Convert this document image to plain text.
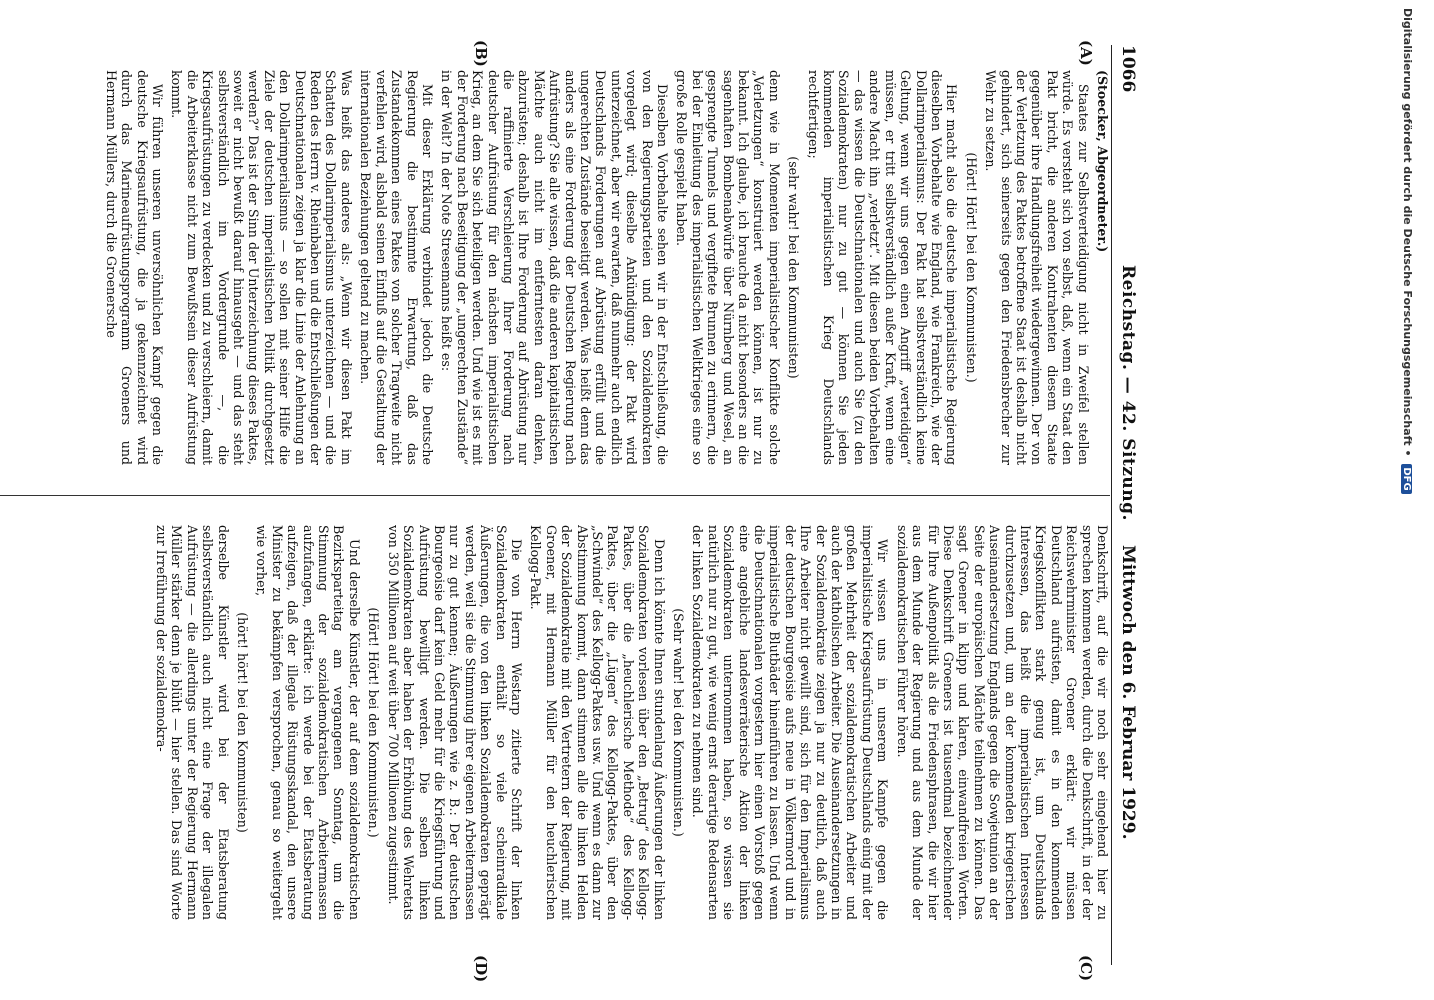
1066
Reichstag. — 42. Sitzung.
Mittwoch den 6. Februar 1929.
(A)
(B)
(C)
(D)

(Stoecker, Abgeordneter.)

Staates zur Selbstverteidigung nicht in Zweifel stellen würde. Es versteht sich von selbst, daß, wenn ein Staat den Pakt bricht, die anderen Kontrahenten diesem Staate gegenüber ihre Handlungsfreiheit wiedergewinnen. Der von der Verletzung des Paktes betroffene Staat ist deshalb nicht gehindert, sich seinerseits gegen den Friedensbrecher zur Wehr zu setzen.

(Hört! Hört! bei den Kommunisten.)

Hier macht also die deutsche imperialistische Regierung dieselben Vorbehalte wie England, wie Frankreich, wie der Dollarimperialismus: Der Pakt hat selbstverständlich keine Geltung, wenn wir uns gegen einen Angriff „verteidigen“ müssen, er tritt selbstverständlich außer Kraft, wenn eine andere Macht ihn „verletzt“. Mit diesen beiden Vorbehalten — das wissen die Deutschnationalen und auch Sie (zu den Sozialdemokraten) nur zu gut — können Sie jeden kommenden imperialistischen Krieg Deutschlands rechtfertigen;

(sehr wahr! bei den Kommunisten)

denn wie in Momenten imperialistischer Konflikte solche „Verletzungen“ konstruiert werden können, ist nur zu bekannt. Ich glaube, ich brauche da nicht besonders an die sagenhaften Bombenabwürfe über Nürnberg und Wesel, an gesprengte Tunnels und vergiftete Brunnen zu erinnern, die bei der Einleitung des imperialistischen Weltkrieges eine so große Rolle gespielt haben.

Dieselben Vorbehalte sehen wir in der Entschließung, die von den Regierungsparteien und den Sozialdemokraten vorgelegt wird; dieselbe Ankündigung: der Pakt wird unterzeichnet, aber wir erwarten, daß nunmehr auch endlich Deutschlands Forderungen auf Abrüstung erfüllt und die ungerechten Zustände beseitigt werden. Was heißt denn das anders als eine Forderung der Deutschen Regierung nach Aufrüstung? Sie alle wissen, daß die anderen kapitalistischen Mächte auch nicht im entferntesten daran denken, abzurüsten; deshalb ist Ihre Forderung auf Abrüstung nur die raffinierte Verschleierung Ihrer Forderung nach deutscher Aufrüstung für den nächsten imperialistischen Krieg, an dem Sie sich beteiligen werden. Und wie ist es mit der Forderung nach Beseitigung der „ungerechten Zustände“ in der Welt? In der Note Stresemanns heißt es:

Mit dieser Erklärung verbindet jedoch die Deutsche Regierung die bestimmte Erwartung, daß das Zustandekommen eines Paktes von solcher Tragweite nicht verfehlen wird, alsbald seinen Einfluß auf die Gestaltung der internationalen Beziehungen geltend zu machen.

Was heißt das anderes als: „Wenn wir diesen Pakt im Schatten des Dollarimperialismus unterzeichnen — und die Reden des Herrn v. Rheinbaben und die Entschließungen der Deutschnationalen zeigen ja klar die Linie der Anlehnung an den Dollarimperialismus — so sollen mit seiner Hilfe die Ziele der deutschen imperialistischen Politik durchgesetzt werden?“ Das ist der Sinn der Unterzeichnung dieses Paktes, soweit er nicht bewußt darauf hinausgeht — und das steht selbstverständlich im Vordergrunde —, die Kriegsaufrüstungen zu verdecken und zu verschleiern, damit die Arbeiterklasse nicht zum Bewußtsein dieser Aufrüstung kommt.

Wir führen unseren unversöhnlichen Kampf gegen die deutsche Kriegsaufrüstung, die ja gekennzeichnet wird durch das Marineaufrüstungsprogramm Groeners und Hermann Müllers, durch die Groenersche

Denkschrift, auf die wir noch sehr eingehend hier zu sprechen kommen werden, durch die Denkschrift, in der der Reichswehrminister Groener erklärt: wir müssen Deutschland aufrüsten, damit es in den kommenden Kriegskonflikten stark genug ist, um Deutschlands Interessen, das heißt die imperialistischen Interessen durchzusetzen und, um an der kommenden kriegerischen Auseinandersetzung Englands gegen die Sowjetunion an der Seite der europäischen Mächte teilnehmen zu können. Das sagt Groener in klipp und klaren, einwandfreien Worten. Diese Denkschrift Groeners ist tausendmal bezeichnender für Ihre Außenpolitik als die Friedensphrasen, die wir hier aus dem Munde der Regierung und aus dem Munde der sozialdemokratischen Führer hören.

Wir wissen uns in unserem Kampfe gegen die imperialistische Kriegsaufrüstung Deutschlands einig mit der großen Mehrheit der sozialdemokratischen Arbeiter und auch der katholischen Arbeiter. Die Auseinandersetzungen in der Sozialdemokratie zeigen ja nur zu deutlich, daß auch Ihre Arbeiter nicht gewillt sind, sich für den Imperialismus der deutschen Bourgeoisie aufs neue in Völkermord und in imperialistische Blutbäder hineinführen zu lassen. Und wenn die Deutschnationalen vorgestern hier einen Vorstoß gegen eine angebliche landesverräterische Aktion der linken Sozialdemokraten unternommen haben, so wissen sie natürlich nur zu gut, wie wenig ernst derartige Redensarten der linken Sozialdemokraten zu nehmen sind.

(Sehr wahr! bei den Kommunisten.)

Denn ich könnte Ihnen stundenlang Äußerungen der linken Sozialdemokraten vorlesen über den „Betrug“ des Kellogg-Paktes, über die „heuchlerische Methode“ des Kellogg-Paktes, über die „Lügen“ des Kellogg-Paktes, über den „Schwindel“ des Kellogg-Paktes usw. Und wenn es dann zur Abstimmung kommt, dann stimmen alle die linken Helden der Sozialdemokratie mit den Vertretern der Regierung, mit Groener, mit Hermann Müller für den heuchlerischen Kellogg-Pakt.

Die von Herrn Westarp zitierte Schrift der linken Sozialdemokraten enthält so viele scheinradikale Äußerungen, die von den linken Sozialdemokraten geprägt werden, weil sie die Stimmung ihrer eigenen Arbeitermassen nur zu gut kennen; Äußerungen wie z. B.: Der deutschen Bourgeoisie darf kein Geld mehr für die Kriegsführung und Aufrüstung bewilligt werden. Die selben linken Sozialdemokraten aber haben der Erhöhung des Wehretats von 350 Millionen auf weit über 700 Millionen zugestimmt.

(Hört! Hört! bei den Kommunisten.)

Und derselbe Künstler, der auf dem sozialdemokratischen Bezirksparteitag am vergangenen Sonntag, um die Stimmung der sozialdemokratischen Arbeitermassen aufzufangen, erklärte: ich werde bei der Etatsberatung aufzeigen, daß der illegale Rüstungsskandal, den unsere Minister zu bekämpfen versprochen, genau so weitergeht wie vorher,

(hört! hört! bei den Kommunisten)

derselbe Künstler wird bei der Etatsberatung selbstverständlich auch nicht eine Frage der illegalen Aufrüstung — die allerdings unter der Regierung Hermann Müller stärker denn je blüht — hier stellen. Das sind Worte zur Irreführung der sozialdemokra-

Digitalisierung gefördert durch die Deutsche Forschungsgemeinschaft • DFG
